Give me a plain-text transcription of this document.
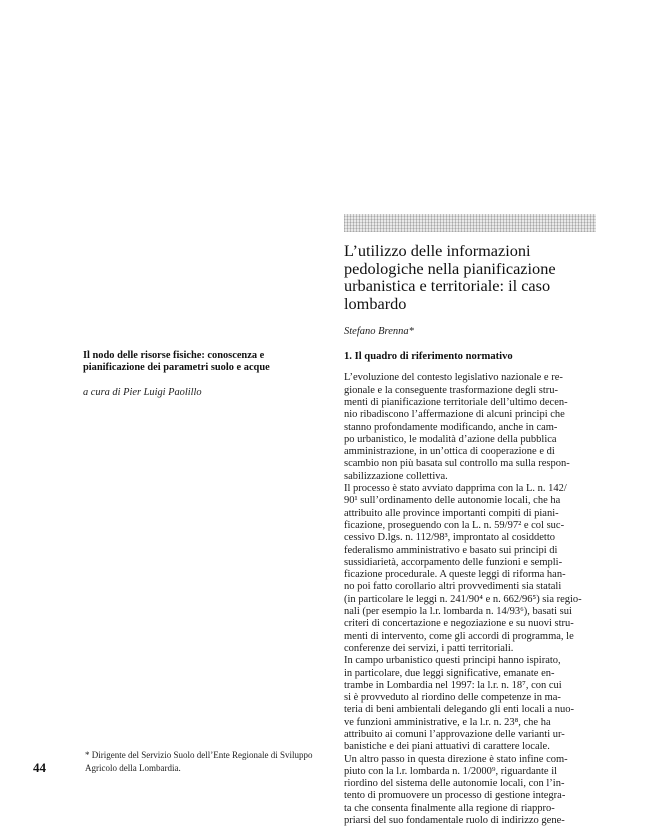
Il nodo delle risorse fisiche: conoscenza e
pianificazione dei parametri suolo e acque

a cura di Pier Luigi Paolillo
L’utilizzo delle informazioni
pedologiche nella pianificazione
urbanistica e territoriale: il caso
lombardo
Stefano Brenna*
1. Il quadro di riferimento normativo

L’evoluzione del contesto legislativo nazionale e re-
gionale e la conseguente trasformazione degli stru-
menti di pianificazione territoriale dell’ultimo decen-
nio ribadiscono l’affermazione di alcuni principi che
stanno profondamente modificando, anche in cam-
po urbanistico, le modalità d’azione della pubblica
amministrazione, in un’ottica di cooperazione e di
scambio non più basata sul controllo ma sulla respon-
sabilizzazione collettiva.

Il processo è stato avviato dapprima con la L. n. 142/
90¹ sull’ordinamento delle autonomie locali, che ha
attribuito alle province importanti compiti di piani-
ficazione, proseguendo con la L. n. 59/97² e col suc-
cessivo D.lgs. n. 112/98³, improntato al cosiddetto
federalismo amministrativo e basato sui principi di
sussidiarietà, accorpamento delle funzioni e sempli-
ficazione procedurale. A queste leggi di riforma han-
no poi fatto corollario altri provvedimenti sia statali
(in particolare le leggi n. 241/90⁴ e n. 662/96⁵) sia regio-
nali (per esempio la l.r. lombarda n. 14/93⁶), basati sui
criteri di concertazione e negoziazione e su nuovi stru-
menti di intervento, come gli accordi di programma, le
conferenze dei servizi, i patti territoriali.

In campo urbanistico questi principi hanno ispirato,
in particolare, due leggi significative, emanate en-
trambe in Lombardia nel 1997: la l.r. n. 18⁷, con cui
si è provveduto al riordino delle competenze in ma-
teria di beni ambientali delegando gli enti locali a nuo-
ve funzioni amministrative, e la l.r. n. 23⁸, che ha
attribuito ai comuni l’approvazione delle varianti ur-
banistiche e dei piani attuativi di carattere locale.

Un altro passo in questa direzione è stato infine com-
piuto con la l.r. lombarda n. 1/2000⁹, riguardante il
riordino del sistema delle autonomie locali, con l’in-
tento di promuovere un processo di gestione integra-
ta che consenta finalmente alla regione di riappro-
priarsi del suo fondamentale ruolo di indirizzo gene-

44
* Dirigente del Servizio Suolo dell’Ente Regionale di Sviluppo
Agricolo della Lombardia.
